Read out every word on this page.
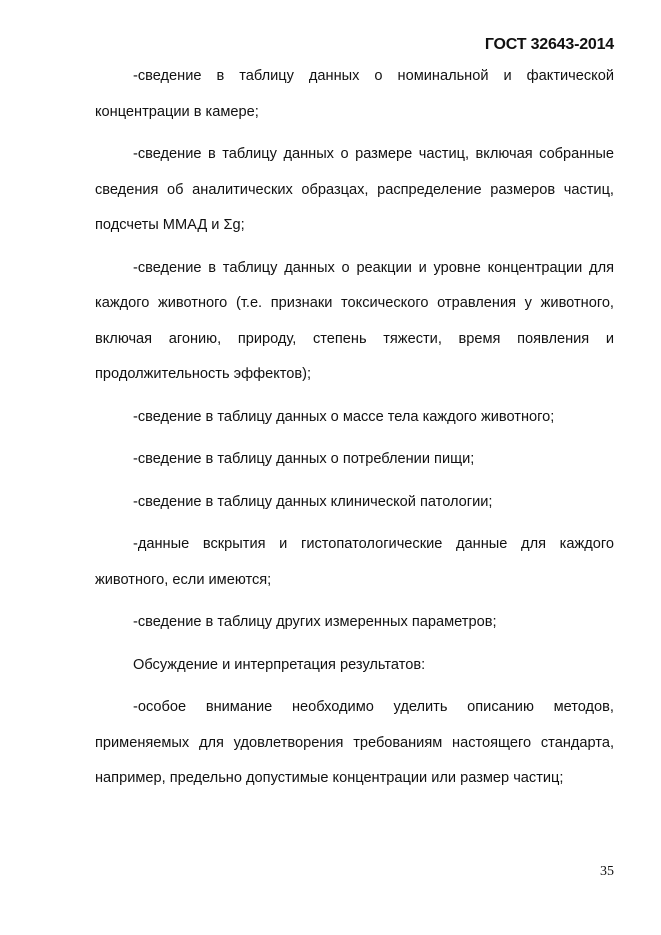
ГОСТ 32643-2014

-сведение в таблицу данных о номинальной и фактической концентрации в камере;

-сведение в таблицу данных о размере частиц, включая собранные сведения об аналитических образцах, распределение размеров частиц, подсчеты ММАД и Σg;

-сведение в таблицу данных о реакции и уровне концентрации для каждого животного (т.е. признаки токсического отравления у животного, включая агонию, природу, степень тяжести, время появления и продолжительность эффектов);

-сведение в таблицу данных о массе тела каждого животного;

-сведение в таблицу данных о потреблении пищи;

-сведение в таблицу данных клинической патологии;

-данные вскрытия и гистопатологические данные для каждого животного, если имеются;

-сведение в таблицу других измеренных параметров;

Обсуждение и интерпретация результатов:

-особое внимание необходимо уделить описанию методов, применяемых для удовлетворения требованиям настоящего стандарта, например, предельно допустимые концентрации или размер частиц;

35
